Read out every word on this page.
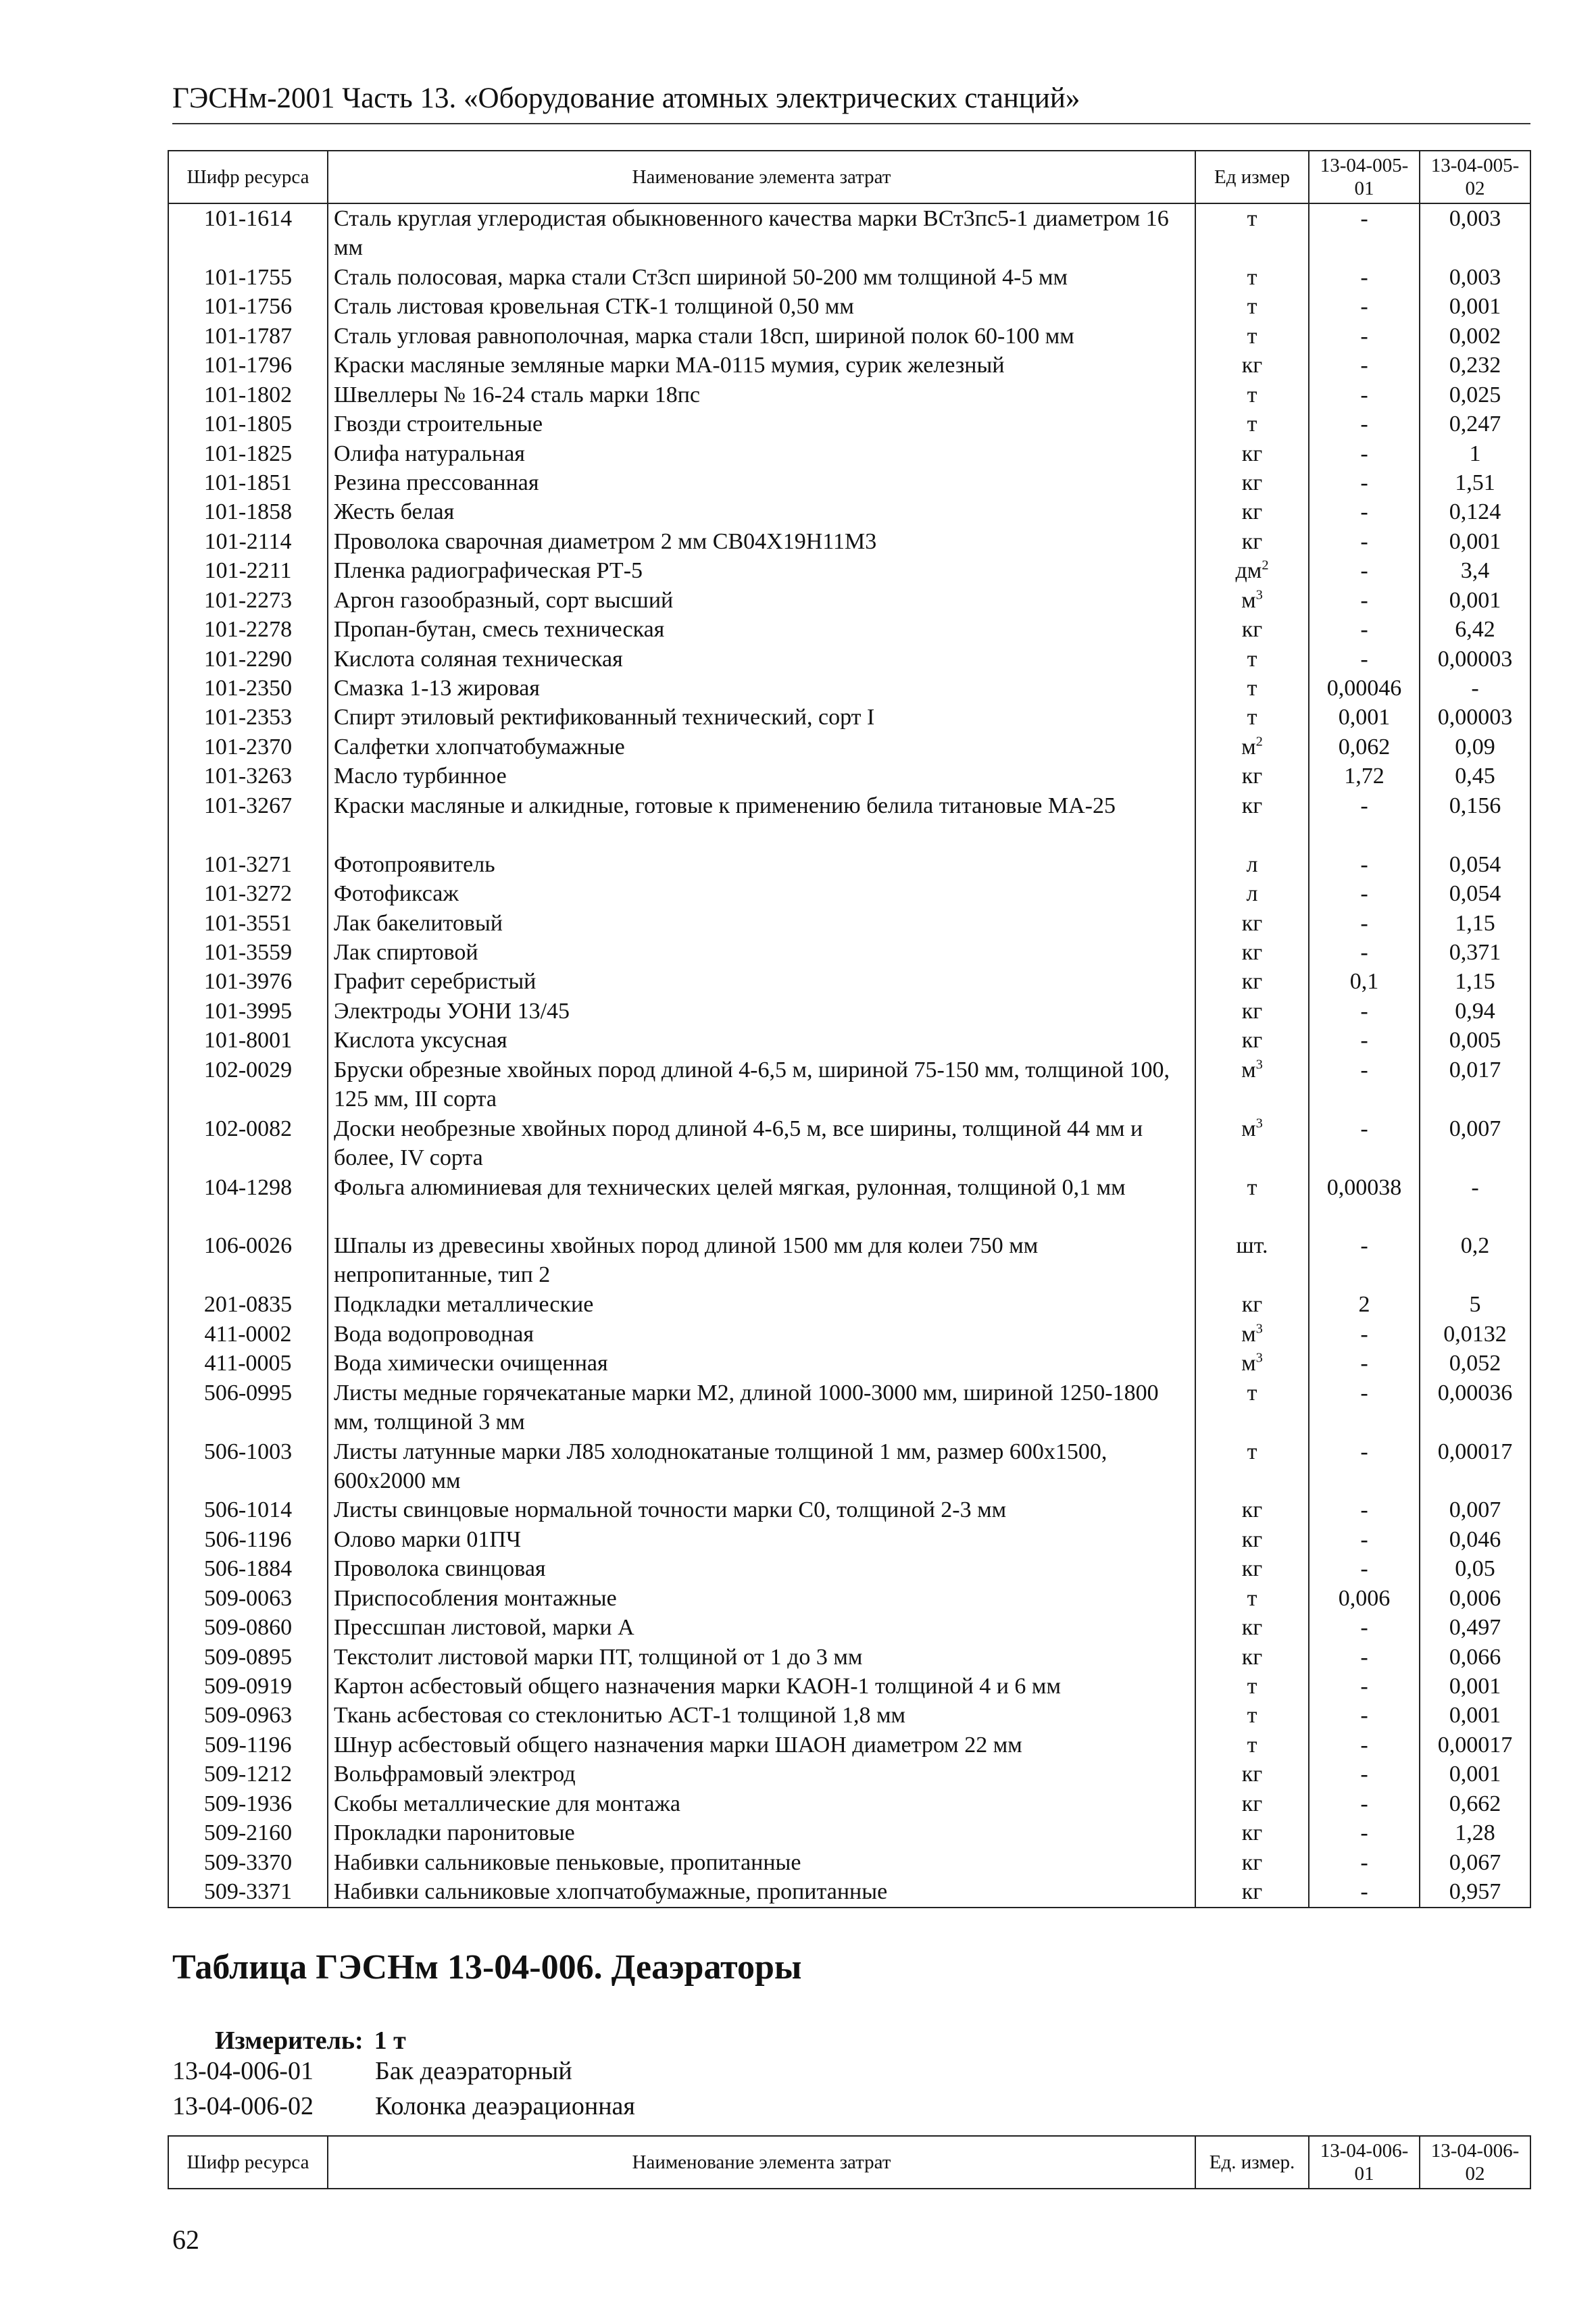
ГЭСНм-2001 Часть 13. «Оборудование атомных электрических станций»
Шифр ресурса	Наименование элемента затрат	Ед измер	13-04-005-01	13-04-005-02
101-1614	Сталь круглая углеродистая обыкновенного качества марки ВСт3пс5-1 диаметром 16 мм	т	-	0,003
101-1755	Сталь полосовая, марка стали Ст3сп шириной 50-200 мм толщиной 4-5 мм	т	-	0,003
101-1756	Сталь листовая кровельная СТК-1 толщиной 0,50 мм	т	-	0,001
101-1787	Сталь угловая равнополочная, марка стали 18сп, шириной полок 60-100 мм	т	-	0,002
101-1796	Краски масляные земляные марки МА-0115 мумия, сурик железный	кг	-	0,232
101-1802	Швеллеры № 16-24 сталь марки 18пс	т	-	0,025
101-1805	Гвозди строительные	т	-	0,247
101-1825	Олифа натуральная	кг	-	1
101-1851	Резина прессованная	кг	-	1,51
101-1858	Жесть белая	кг	-	0,124
101-2114	Проволока сварочная диаметром 2 мм СВ04Х19Н11М3	кг	-	0,001
101-2211	Пленка радиографическая РТ-5	$дм^2$	-	3,4
101-2273	Аргон газообразный, сорт высший	$м^3$	-	0,001
101-2278	Пропан-бутан, смесь техническая	кг	-	6,42
101-2290	Кислота соляная техническая	т	-	0,00003
101-2350	Смазка 1-13 жировая	т	0,00046	-
101-2353	Спирт этиловый ректификованный технический, сорт I	т	0,001	0,00003
101-2370	Салфетки хлопчатобумажные	$м^2$	0,062	0,09
101-3263	Масло турбинное	кг	1,72	0,45
101-3267	Краски масляные и алкидные, готовые к применению белила титановые МА-25	кг	-	0,156
101-3271	Фотопроявитель	л	-	0,054
101-3272	Фотофиксаж	л	-	0,054
101-3551	Лак бакелитовый	кг	-	1,15
101-3559	Лак спиртовой	кг	-	0,371
101-3976	Графит серебристый	кг	0,1	1,15
101-3995	Электроды УОНИ 13/45	кг	-	0,94
101-8001	Кислота уксусная	кг	-	0,005
102-0029	Бруски обрезные хвойных пород длиной 4-6,5 м, шириной 75-150 мм, толщиной 100, 125 мм, III сорта	$м^3$	-	0,017
102-0082	Доски необрезные хвойных пород длиной 4-6,5 м, все ширины, толщиной 44 мм и более, IV сорта	$м^3$	-	0,007
104-1298	Фольга алюминиевая для технических целей мягкая, рулонная, толщиной 0,1 мм	т	0,00038	-
106-0026	Шпалы из древесины хвойных пород длиной 1500 мм для колеи 750 мм непропитанные, тип 2	шт.	-	0,2
201-0835	Подкладки металлические	кг	2	5
411-0002	Вода водопроводная	$м^3$	-	0,0132
411-0005	Вода химически очищенная	$м^3$	-	0,052
506-0995	Листы медные горячекатаные марки М2, длиной 1000-3000 мм, шириной 1250-1800 мм, толщиной 3 мм	т	-	0,00036
506-1003	Листы латунные марки Л85 холоднокатаные толщиной 1 мм, размер 600х1500, 600х2000 мм	т	-	0,00017
506-1014	Листы свинцовые нормальной точности марки С0, толщиной 2-3 мм	кг	-	0,007
506-1196	Олово марки 01ПЧ	кг	-	0,046
506-1884	Проволока свинцовая	кг	-	0,05
509-0063	Приспособления монтажные	т	0,006	0,006
509-0860	Прессшпан листовой, марки А	кг	-	0,497
509-0895	Текстолит листовой марки ПТ, толщиной от 1 до 3 мм	кг	-	0,066
509-0919	Картон асбестовый общего назначения марки КАОН-1 толщиной 4 и 6 мм	т	-	0,001
509-0963	Ткань асбестовая со стеклонитью АСТ-1 толщиной 1,8 мм	т	-	0,001
509-1196	Шнур асбестовый общего назначения марки ШАОН диаметром 22 мм	т	-	0,00017
509-1212	Вольфрамовый электрод	кг	-	0,001
509-1936	Скобы металлические для монтажа	кг	-	0,662
509-2160	Прокладки паронитовые	кг	-	1,28
509-3370	Набивки сальниковые пеньковые, пропитанные	кг	-	0,067
509-3371	Набивки сальниковые хлопчатобумажные, пропитанные	кг	-	0,957
Таблица ГЭСНм 13-04-006. Деаэраторы
Измеритель: 1 т
13-04-006-01 Бак деаэраторный
13-04-006-02 Колонка деаэрационная
Шифр ресурса	Наименование элемента затрат	Ед. измер.	13-04-006-01	13-04-006-02
62
